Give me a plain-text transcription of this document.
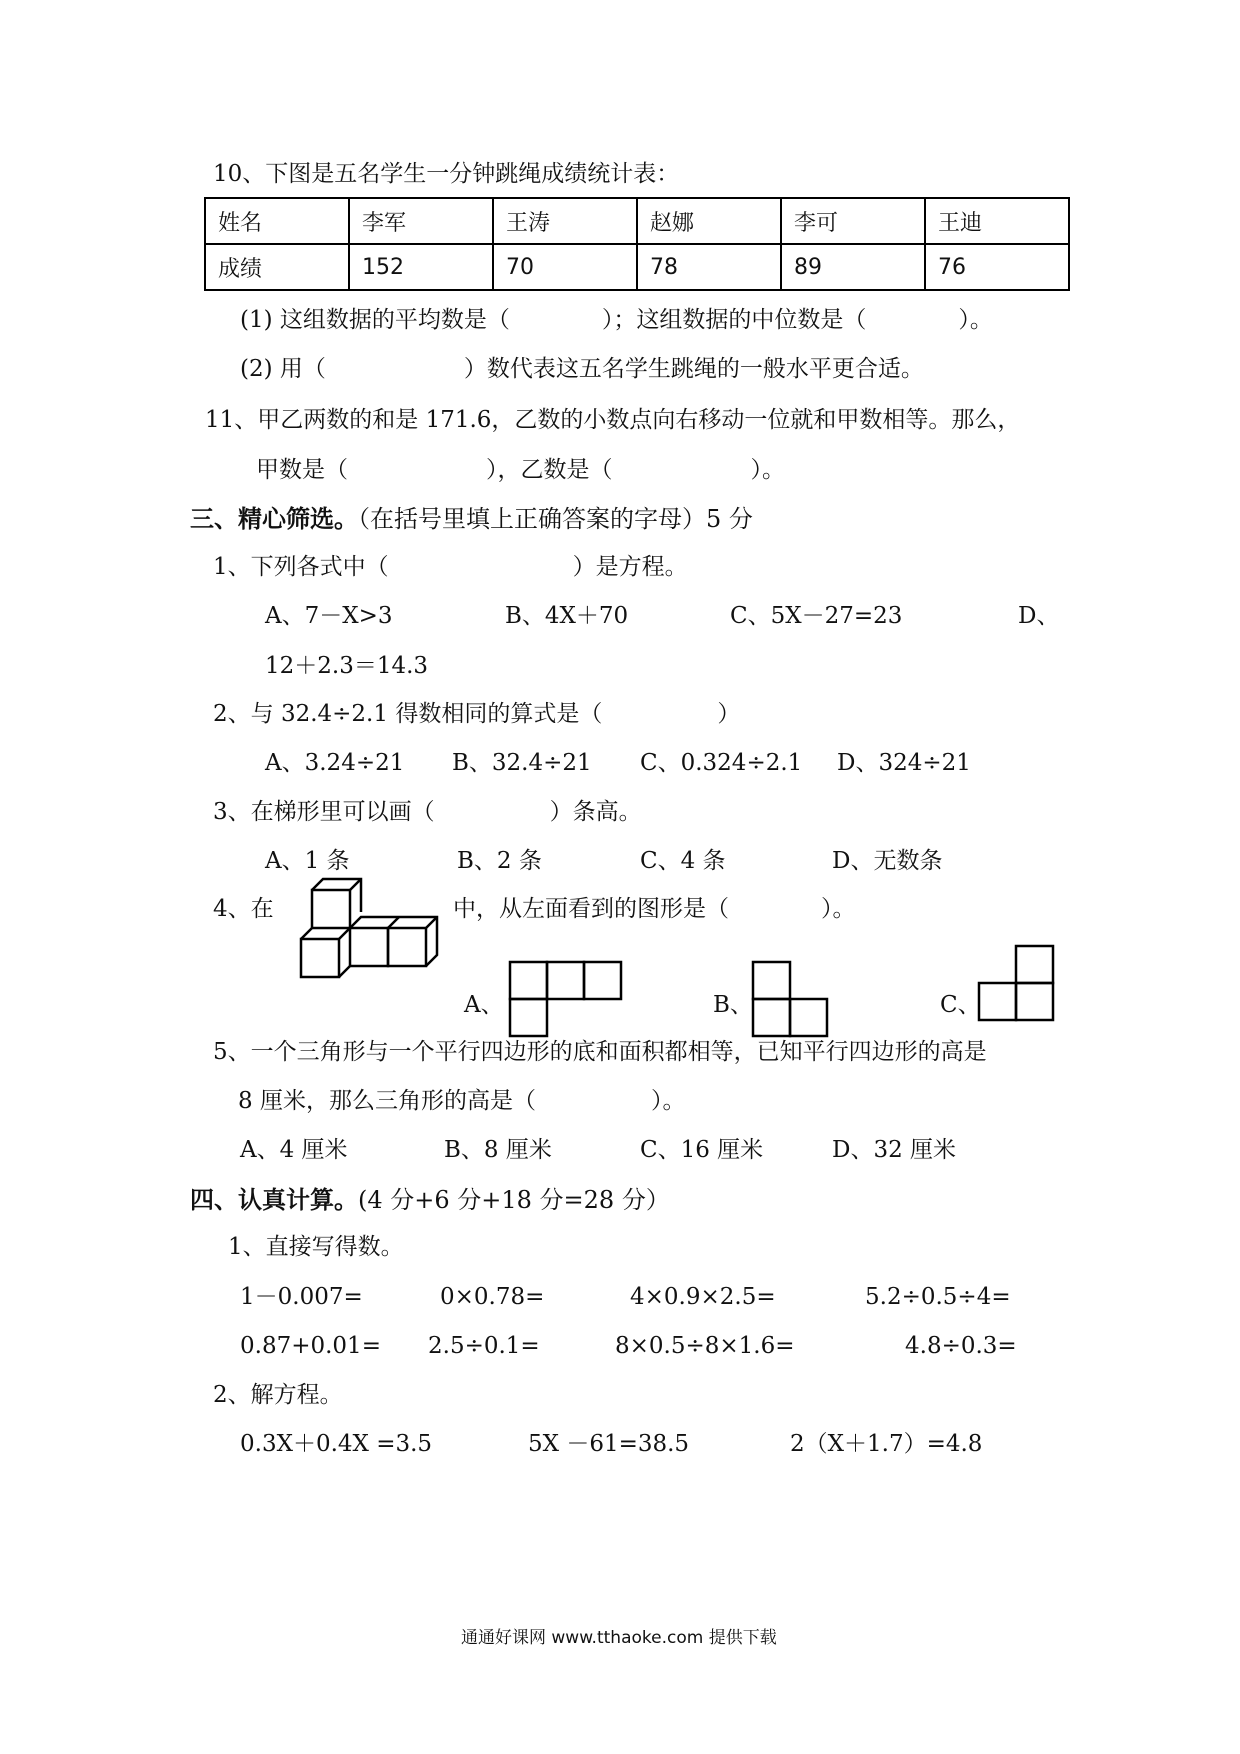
10、下图是五名学生一分钟跳绳成绩统计表：
姓名	李军	王涛	赵娜	李可	王迪
成绩	152	70	78	89	76
(1) 这组数据的平均数是（　　　　）；这组数据的中位数是（　　　　）。
(2) 用（　　　　　　）数代表这五名学生跳绳的一般水平更合适。
11、甲乙两数的和是 171.6，乙数的小数点向右移动一位就和甲数相等。那么，
甲数是（　　　　　　），乙数是（　　　　　　）。
三、精心筛选。（在括号里填上正确答案的字母）5 分
1、下列各式中（　　　　　　　　）是方程。
A、7－X>3	B、4X＋70	C、5X－27=23	D、
12＋2.3＝14.3
2、与 32.4÷2.1 得数相同的算式是（　　　　　）
A、3.24÷21 B、32.4÷21 C、0.324÷2.1 D、324÷21
3、在梯形里可以画（　　　　　）条高。
A、1 条	B、2 条	C、4 条	D、无数条
4、在	中，从左面看到的图形是（　　　　）。
A、	B、	C、
5、一个三角形与一个平行四边形的底和面积都相等，已知平行四边形的高是
8 厘米，那么三角形的高是（　　　　　）。
A、4 厘米	B、8 厘米	C、16 厘米	D、32 厘米
四、认真计算。(4 分+6 分+18 分=28 分）
1、直接写得数。
1－0.007=	0×0.78=	4×0.9×2.5=	5.2÷0.5÷4=
0.87+0.01= 2.5÷0.1=	8×0.5÷8×1.6=	4.8÷0.3=
2、解方程。
0.3X＋0.4X =3.5	5X －61=38.5	2（X＋1.7）=4.8
通通好课网 www.tthaoke.com 提供下载
